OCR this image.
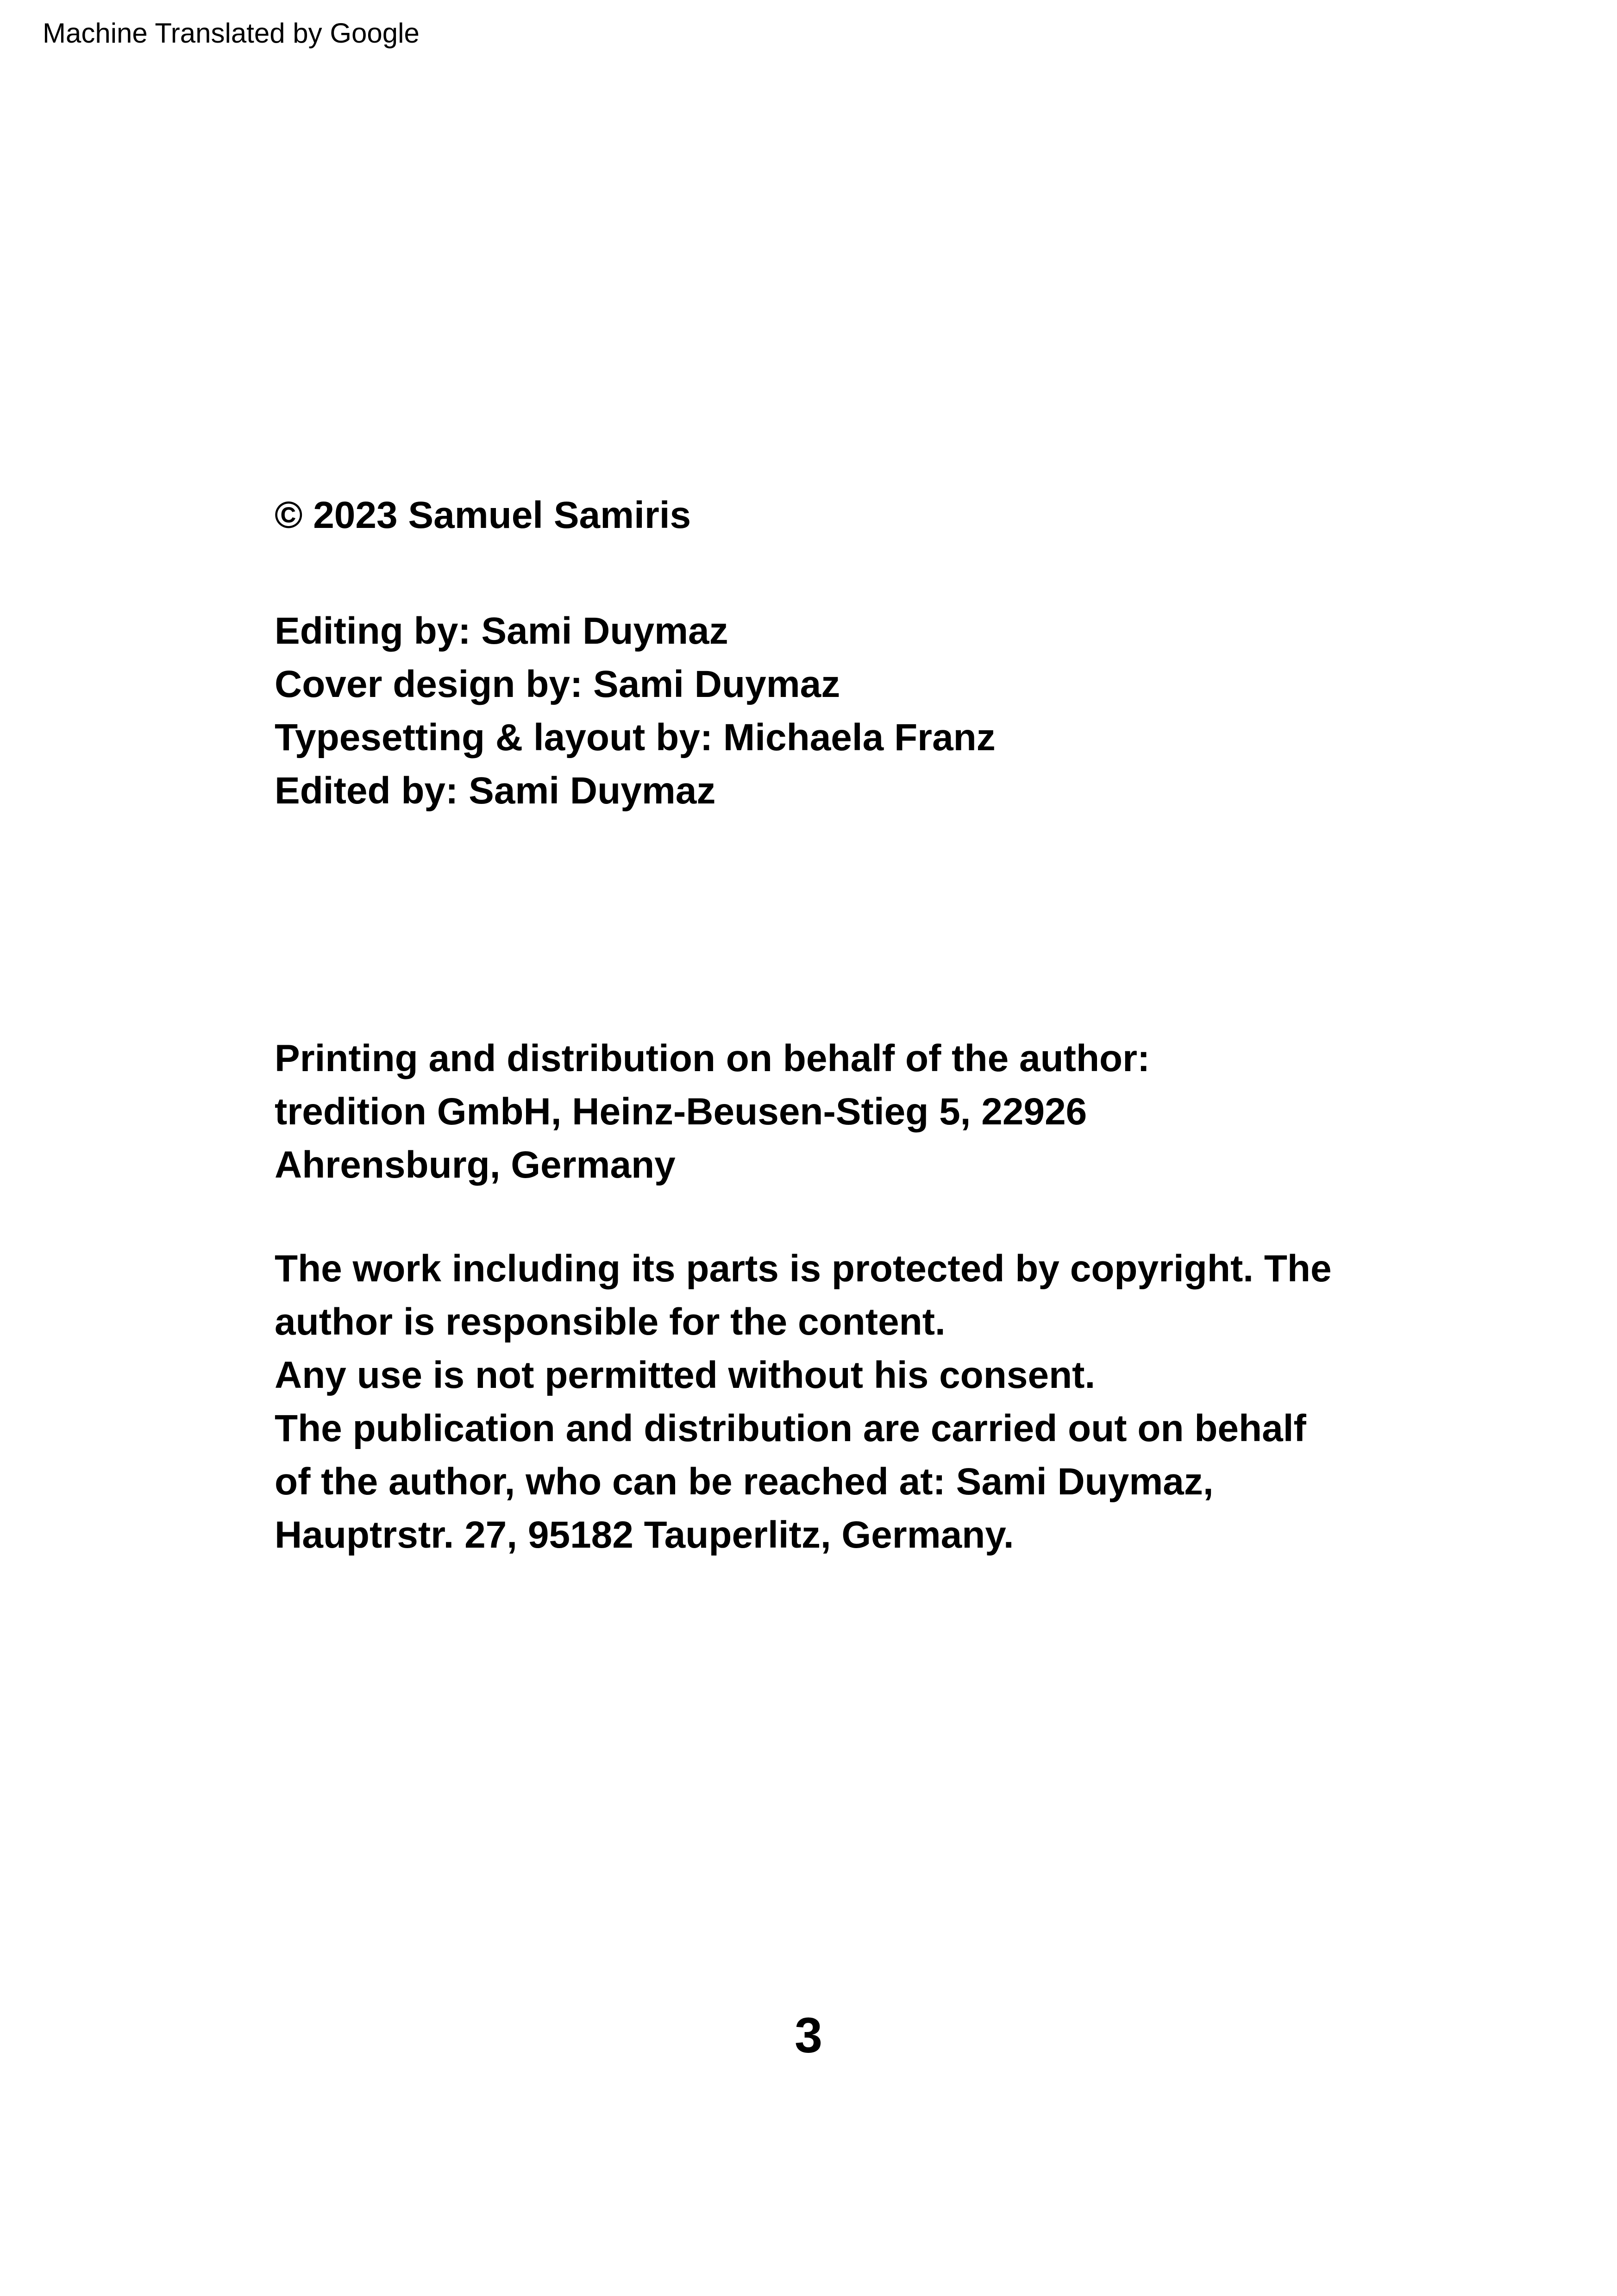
Machine Translated by Google
© 2023 Samuel Samiris
Editing by: Sami Duymaz
Cover design by: Sami Duymaz
Typesetting & layout by: Michaela Franz
Edited by: Sami Duymaz
Printing and distribution on behalf of the author:
tredition GmbH, Heinz-Beusen-Stieg 5, 22926
Ahrensburg, Germany
The work including its parts is protected by copyright. The
author is responsible for the content.
Any use is not permitted without his consent.
The publication and distribution are carried out on behalf
of the author, who can be reached at: Sami Duymaz,
Hauptrstr. 27, 95182 Tauperlitz, Germany.
3
